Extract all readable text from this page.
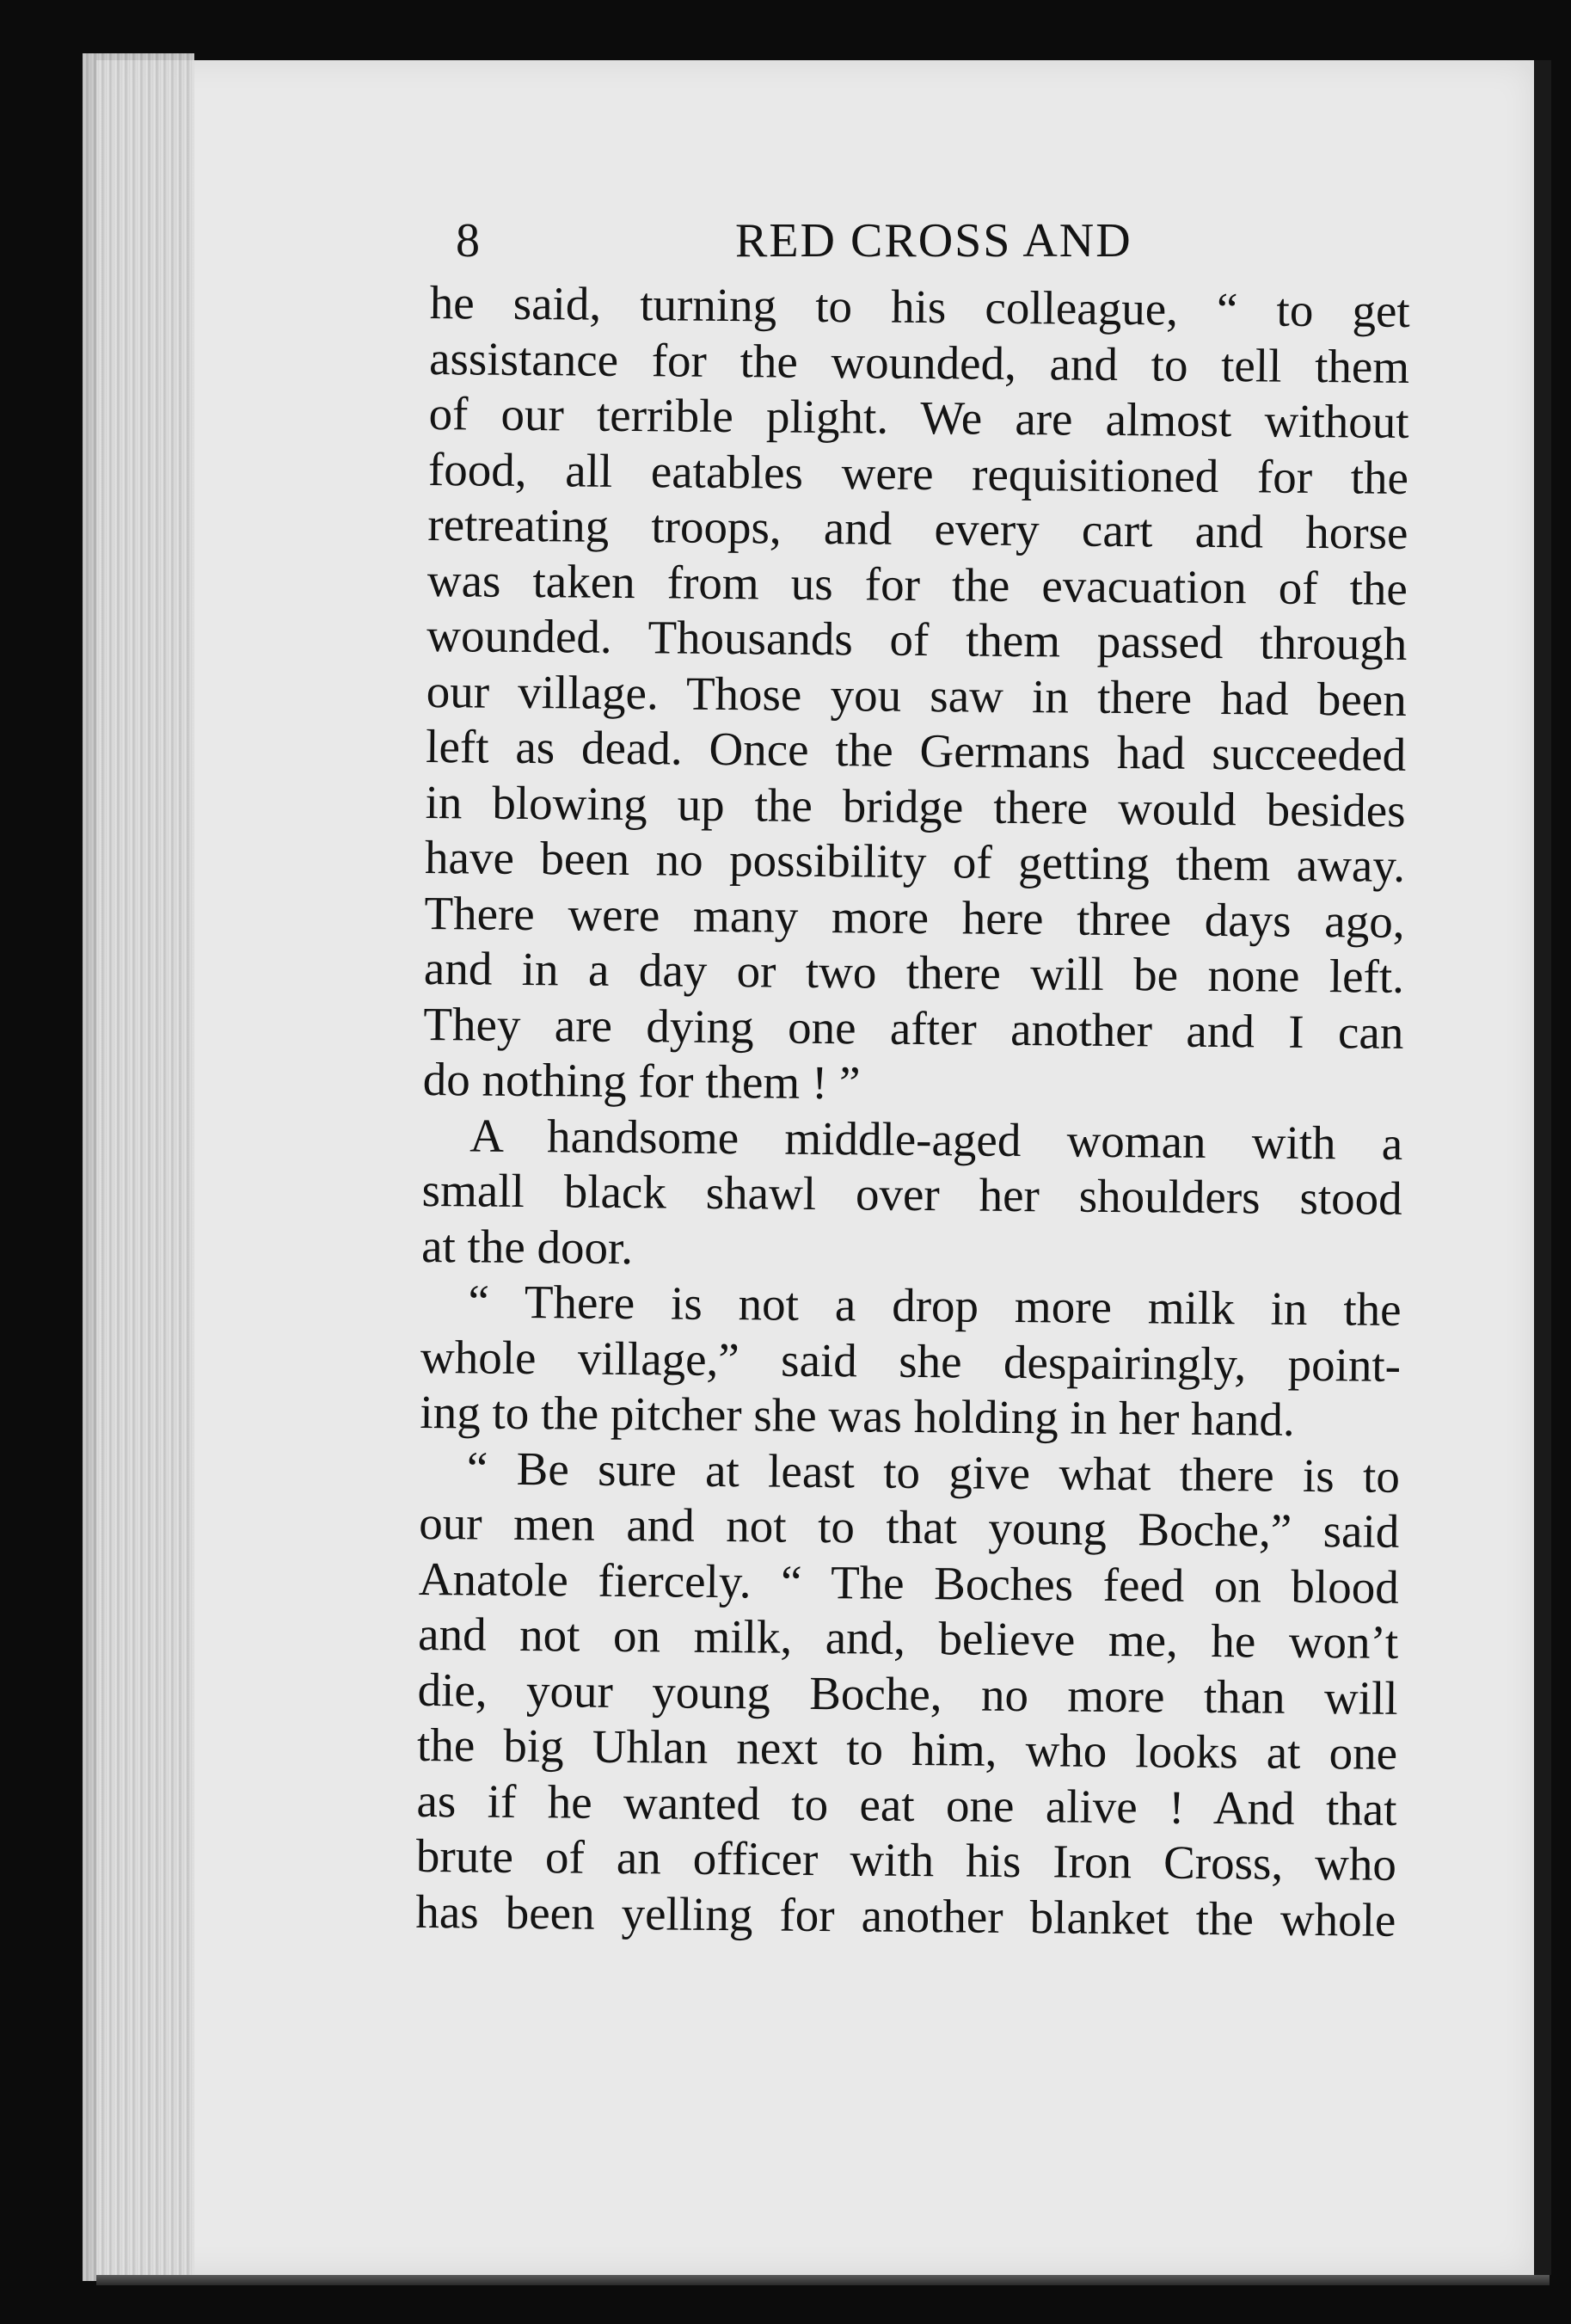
8	RED CROSS AND
he said, turning to his colleague, “ to get
assistance for the wounded, and to tell them
of our terrible plight. We are almost without
food, all eatables were requisitioned for the
retreating troops, and every cart and horse
was taken from us for the evacuation of the
wounded. Thousands of them passed through
our village. Those you saw in there had been
left as dead. Once the Germans had succeeded
in blowing up the bridge there would besides
have been no possibility of getting them away.
There were many more here three days ago,
and in a day or two there will be none left.
They are dying one after another and I can
do nothing for them ! ”
A handsome middle-aged woman with a
small black shawl over her shoulders stood
at the door.
“ There is not a drop more milk in the
whole village,” said she despairingly, point-
ing to the pitcher she was holding in her hand.
“ Be sure at least to give what there is to
our men and not to that young Boche,” said
Anatole fiercely. “ The Boches feed on blood
and not on milk, and, believe me, he won’t
die, your young Boche, no more than will
the big Uhlan next to him, who looks at one
as if he wanted to eat one alive ! And that
brute of an officer with his Iron Cross, who
has been yelling for another blanket the whole
